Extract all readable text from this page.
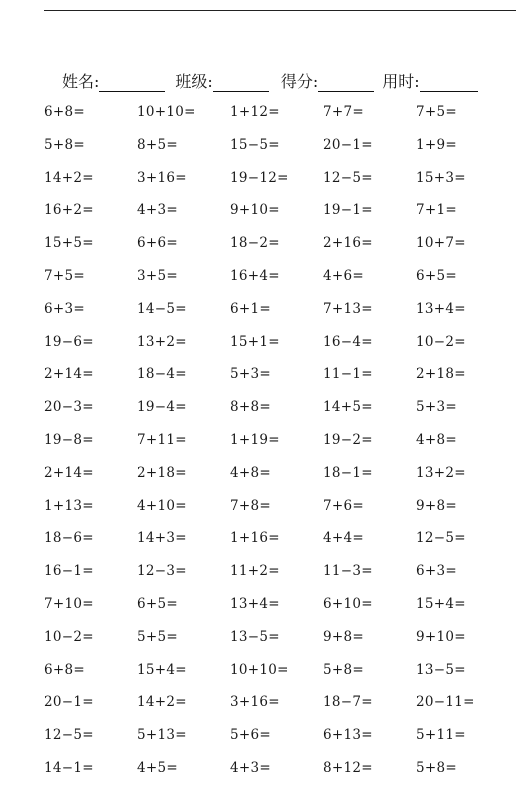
姓名:	班级:	得分:	用时:
6+8=	10+10=	1+12=	7+7=	7+5=
5+8=	8+5=	15−5=	20−1=	1+9=
14+2=	3+16=	19−12=	12−5=	15+3=
16+2=	4+3=	9+10=	19−1=	7+1=
15+5=	6+6=	18−2=	2+16=	10+7=
7+5=	3+5=	16+4=	4+6=	6+5=
6+3=	14−5=	6+1=	7+13=	13+4=
19−6=	13+2=	15+1=	16−4=	10−2=
2+14=	18−4=	5+3=	11−1=	2+18=
20−3=	19−4=	8+8=	14+5=	5+3=
19−8=	7+11=	1+19=	19−2=	4+8=
2+14=	2+18=	4+8=	18−1=	13+2=
1+13=	4+10=	7+8=	7+6=	9+8=
18−6=	14+3=	1+16=	4+4=	12−5=
16−1=	12−3=	11+2=	11−3=	6+3=
7+10=	6+5=	13+4=	6+10=	15+4=
10−2=	5+5=	13−5=	9+8=	9+10=
6+8=	15+4=	10+10=	5+8=	13−5=
20−1=	14+2=	3+16=	18−7=	20−11=
12−5=	5+13=	5+6=	6+13=	5+11=
14−1=	4+5=	4+3=	8+12=	5+8=
